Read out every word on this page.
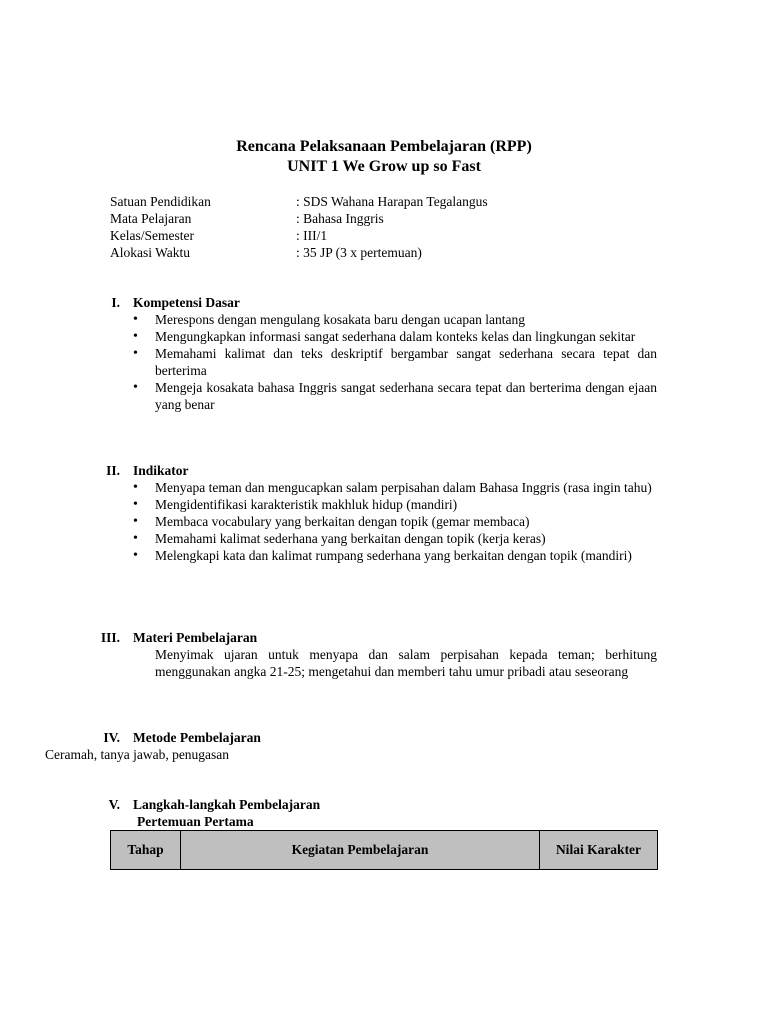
Rencana Pelaksanaan Pembelajaran (RPP)
UNIT 1 We Grow up so Fast
Satuan Pendidikan	: SDS Wahana Harapan Tegalangus
Mata Pelajaran	: Bahasa Inggris
Kelas/Semester	: III/1
Alokasi Waktu	: 35 JP (3 x pertemuan)
I. Kompetensi Dasar
• Merespons dengan mengulang kosakata baru dengan ucapan lantang
• Mengungkapkan informasi sangat sederhana dalam konteks kelas dan lingkungan sekitar
• Memahami kalimat dan teks deskriptif bergambar sangat sederhana secara tepat dan berterima
• Mengeja kosakata bahasa Inggris sangat sederhana secara tepat dan berterima dengan ejaan yang benar
II. Indikator
• Menyapa teman dan mengucapkan salam perpisahan dalam Bahasa Inggris (rasa ingin tahu)
• Mengidentifikasi karakteristik makhluk hidup (mandiri)
• Membaca vocabulary yang berkaitan dengan topik (gemar membaca)
• Memahami kalimat sederhana yang berkaitan dengan topik (kerja keras)
• Melengkapi kata dan kalimat rumpang sederhana yang berkaitan dengan topik (mandiri)
III. Materi Pembelajaran
Menyimak ujaran untuk menyapa dan salam perpisahan kepada teman; berhitung menggunakan angka 21-25; mengetahui dan memberi tahu umur pribadi atau seseorang
IV. Metode Pembelajaran
Ceramah, tanya jawab, penugasan
V. Langkah-langkah Pembelajaran
Pertemuan Pertama
Tahap	Kegiatan Pembelajaran	Nilai Karakter
